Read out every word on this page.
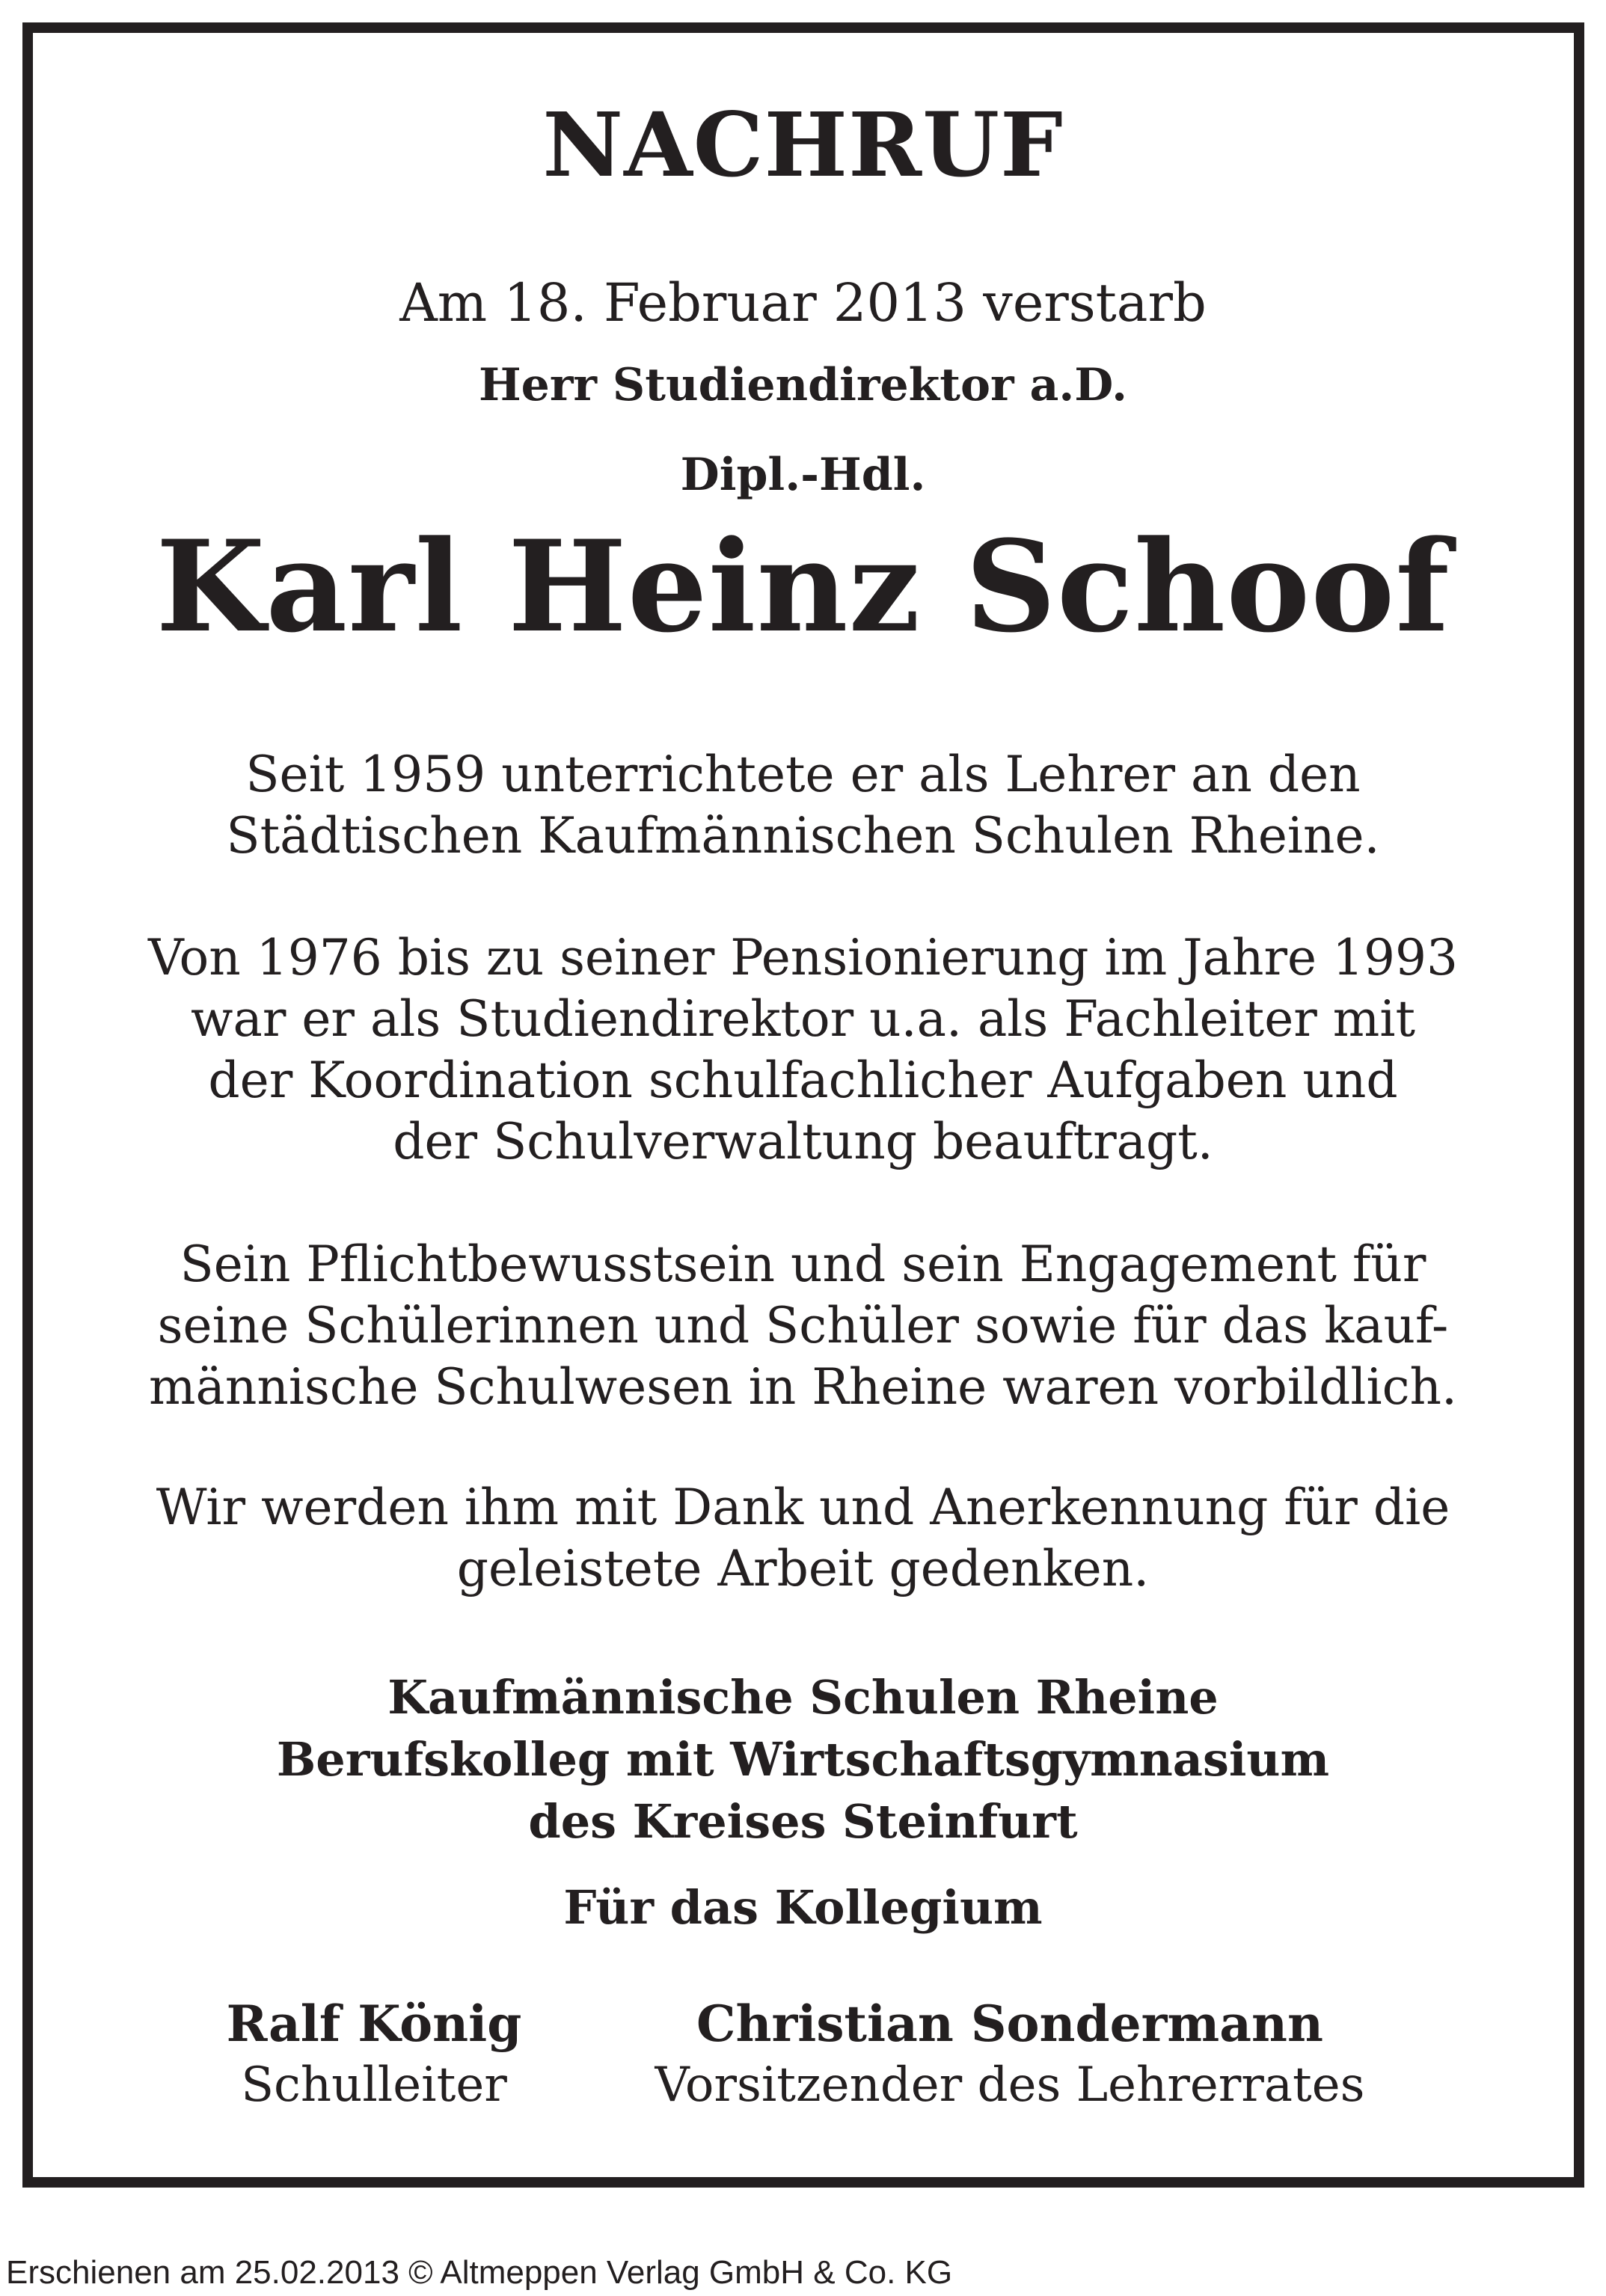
NACHRUF
Am 18. Februar 2013 verstarb
Herr Studiendirektor a.D.
Dipl.-Hdl.
Karl Heinz Schoof
Seit 1959 unterrichtete er als Lehrer an den
Städtischen Kaufmännischen Schulen Rheine.
Von 1976 bis zu seiner Pensionierung im Jahre 1993
war er als Studiendirektor u.a. als Fachleiter mit
der Koordination schulfachlicher Aufgaben und
der Schulverwaltung beauftragt.
Sein Pflichtbewusstsein und sein Engagement für
seine Schülerinnen und Schüler sowie für das kauf-
männische Schulwesen in Rheine waren vorbildlich.
Wir werden ihm mit Dank und Anerkennung für die
geleistete Arbeit gedenken.
Kaufmännische Schulen Rheine
Berufskolleg mit Wirtschaftsgymnasium
des Kreises Steinfurt
Für das Kollegium
Ralf König
Schulleiter
Christian Sondermann
Vorsitzender des Lehrerrates
Erschienen am 25.02.2013 © Altmeppen Verlag GmbH & Co. KG
